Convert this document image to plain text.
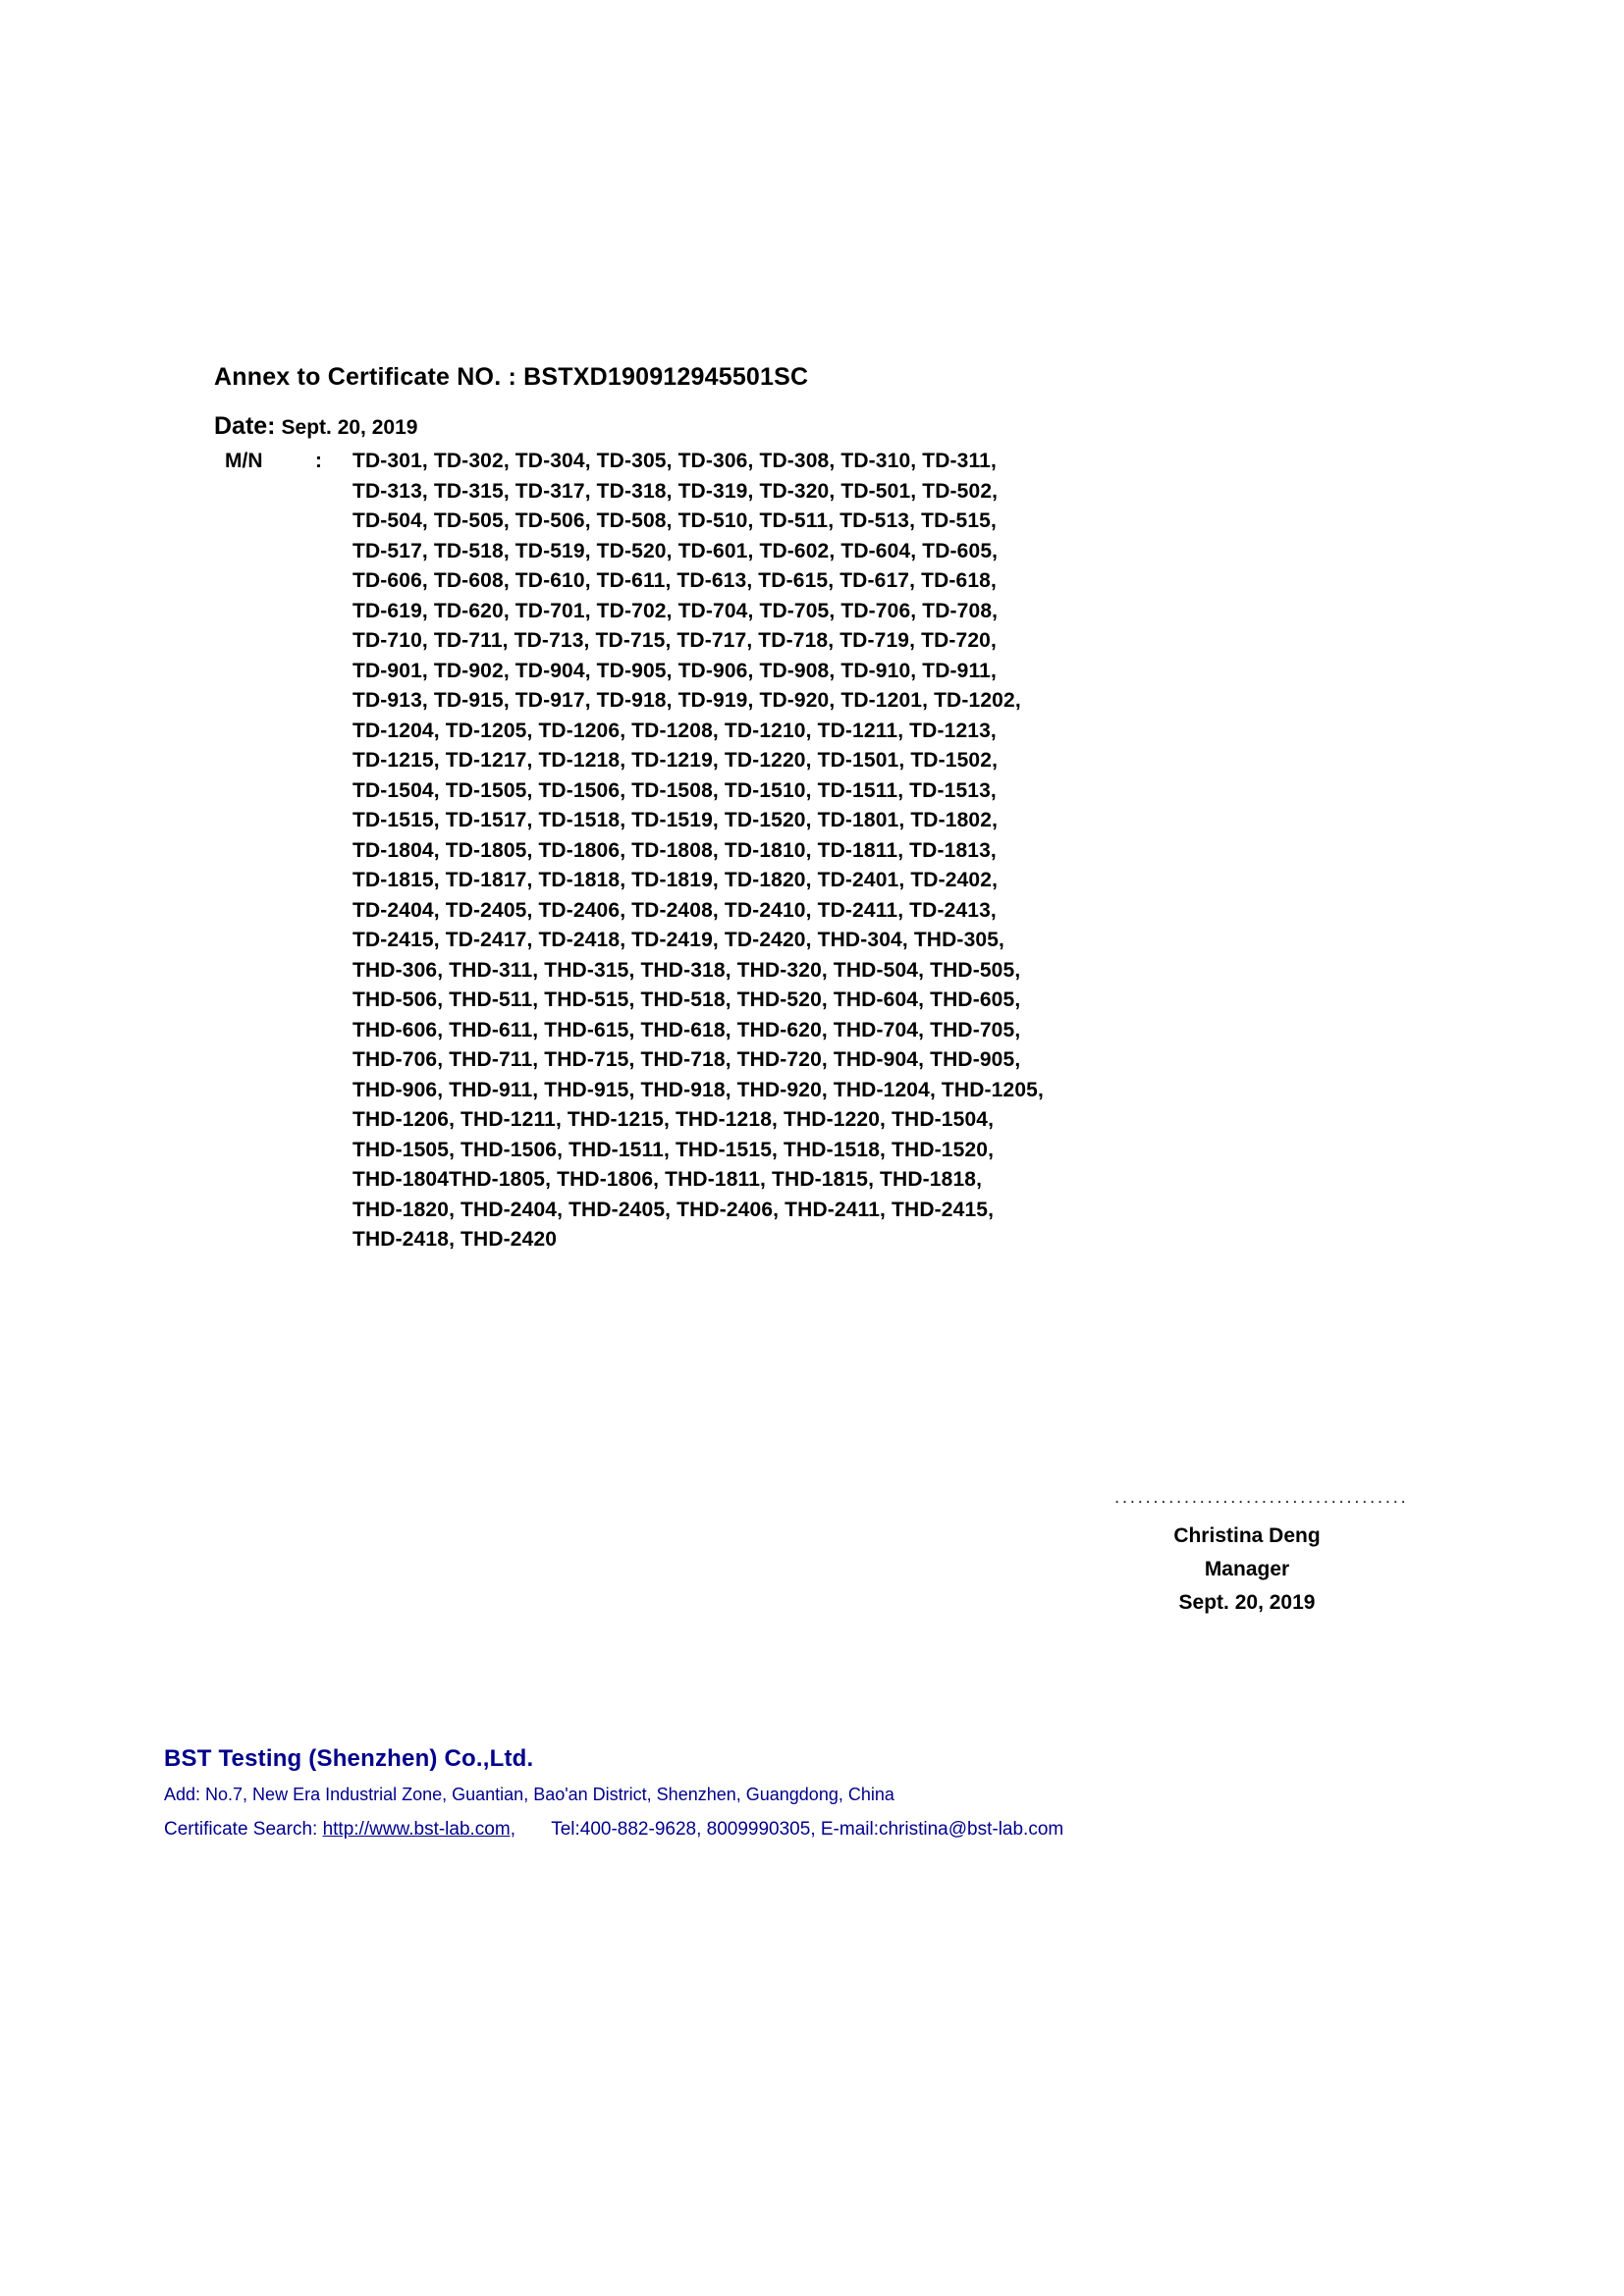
Annex to Certificate NO. : BSTXD190912945501SC
Date: Sept. 20, 2019
M/N	:	TD-301, TD-302, TD-304, TD-305, TD-306, TD-308, TD-310, TD-311,
TD-313, TD-315, TD-317, TD-318, TD-319, TD-320, TD-501, TD-502,
TD-504, TD-505, TD-506, TD-508, TD-510, TD-511, TD-513, TD-515,
TD-517, TD-518, TD-519, TD-520, TD-601, TD-602, TD-604, TD-605,
TD-606, TD-608, TD-610, TD-611, TD-613, TD-615, TD-617, TD-618,
TD-619, TD-620, TD-701, TD-702, TD-704, TD-705, TD-706, TD-708,
TD-710, TD-711, TD-713, TD-715, TD-717, TD-718, TD-719, TD-720,
TD-901, TD-902, TD-904, TD-905, TD-906, TD-908, TD-910, TD-911,
TD-913, TD-915, TD-917, TD-918, TD-919, TD-920, TD-1201, TD-1202,
TD-1204, TD-1205, TD-1206, TD-1208, TD-1210, TD-1211, TD-1213,
TD-1215, TD-1217, TD-1218, TD-1219, TD-1220, TD-1501, TD-1502,
TD-1504, TD-1505, TD-1506, TD-1508, TD-1510, TD-1511, TD-1513,
TD-1515, TD-1517, TD-1518, TD-1519, TD-1520, TD-1801, TD-1802,
TD-1804, TD-1805, TD-1806, TD-1808, TD-1810, TD-1811, TD-1813,
TD-1815, TD-1817, TD-1818, TD-1819, TD-1820, TD-2401, TD-2402,
TD-2404, TD-2405, TD-2406, TD-2408, TD-2410, TD-2411, TD-2413,
TD-2415, TD-2417, TD-2418, TD-2419, TD-2420, THD-304, THD-305,
THD-306, THD-311, THD-315, THD-318, THD-320, THD-504, THD-505,
THD-506, THD-511, THD-515, THD-518, THD-520, THD-604, THD-605,
THD-606, THD-611, THD-615, THD-618, THD-620, THD-704, THD-705,
THD-706, THD-711, THD-715, THD-718, THD-720, THD-904, THD-905,
THD-906, THD-911, THD-915, THD-918, THD-920, THD-1204, THD-1205,
THD-1206, THD-1211, THD-1215, THD-1218, THD-1220, THD-1504,
THD-1505, THD-1506, THD-1511, THD-1515, THD-1518, THD-1520,
THD-1804THD-1805, THD-1806, THD-1811, THD-1815, THD-1818,
THD-1820, THD-2404, THD-2405, THD-2406, THD-2411, THD-2415,
THD-2418, THD-2420
......................................
Christina Deng
Manager
Sept. 20, 2019
BST Testing (Shenzhen) Co.,Ltd.
Add: No.7, New Era Industrial Zone, Guantian, Bao'an District, Shenzhen, Guangdong, China
Certificate Search: http://www.bst-lab.com, Tel:400-882-9628, 8009990305, E-mail:christina@bst-lab.com
